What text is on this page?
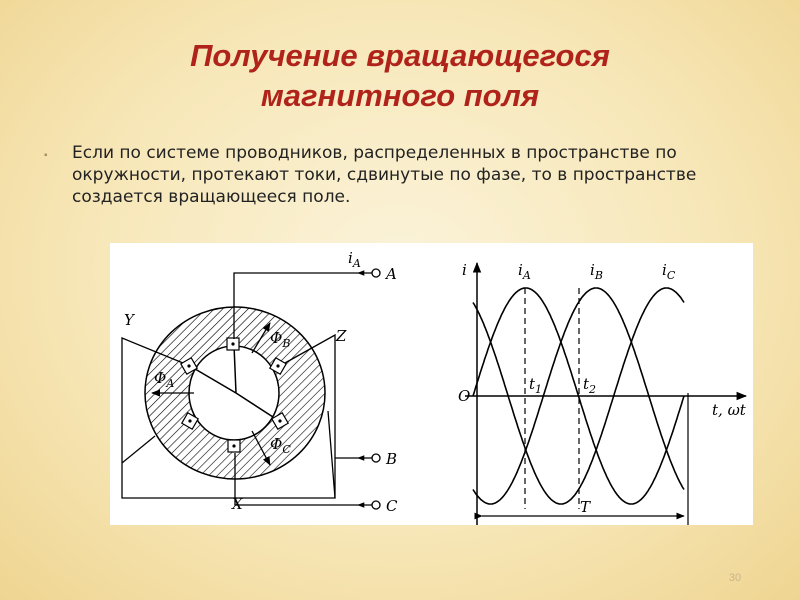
Получение вращающегося
магнитного поля
▪ Если по системе проводников, распределенных в пространстве по окружности, протекают токи, сдвинутые по фазе, то в пространстве создается вращающееся поле.

$i_A$
A
B
C
Y
Z
X
$\Phi_A$
$\Phi_B$
$\Phi_C$
i
t, ωt
O
T
$i_A$	$i_B$	$i_C$
$t_1$	$t_2$
30
